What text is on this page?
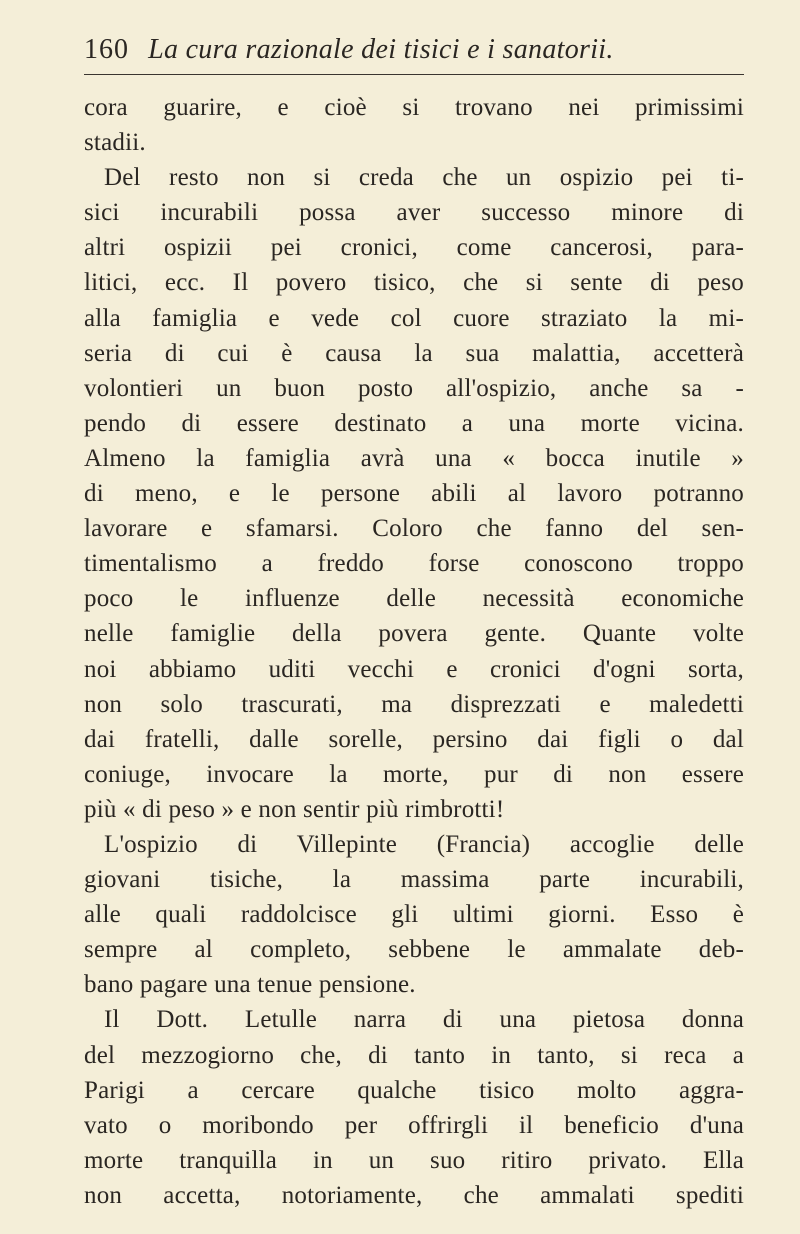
160 La cura razionale dei tisici e i sanatorii.
cora guarire, e cioè si trovano nei primissimi
stadii.
Del resto non si creda che un ospizio pei ti-
sici incurabili possa aver successo minore di
altri ospizii pei cronici, come cancerosi, para-
litici, ecc. Il povero tisico, che si sente di peso
alla famiglia e vede col cuore straziato la mi-
seria di cui è causa la sua malattia, accetterà
volontieri un buon posto all'ospizio, anche sa -
pendo di essere destinato a una morte vicina.
Almeno la famiglia avrà una « bocca inutile »
di meno, e le persone abili al lavoro potranno
lavorare e sfamarsi. Coloro che fanno del sen-
timentalismo a freddo forse conoscono troppo
poco le influenze delle necessità economiche
nelle famiglie della povera gente. Quante volte
noi abbiamo uditi vecchi e cronici d'ogni sorta,
non solo trascurati, ma disprezzati e maledetti
dai fratelli, dalle sorelle, persino dai figli o dal
coniuge, invocare la morte, pur di non essere
più « di peso » e non sentir più rimbrotti!
L'ospizio di Villepinte (Francia) accoglie delle
giovani tisiche, la massima parte incurabili,
alle quali raddolcisce gli ultimi giorni. Esso è
sempre al completo, sebbene le ammalate deb-
bano pagare una tenue pensione.
Il Dott. Letulle narra di una pietosa donna
del mezzogiorno che, di tanto in tanto, si reca a
Parigi a cercare qualche tisico molto aggra-
vato o moribondo per offrirgli il beneficio d'una
morte tranquilla in un suo ritiro privato. Ella
non accetta, notoriamente, che ammalati spediti
